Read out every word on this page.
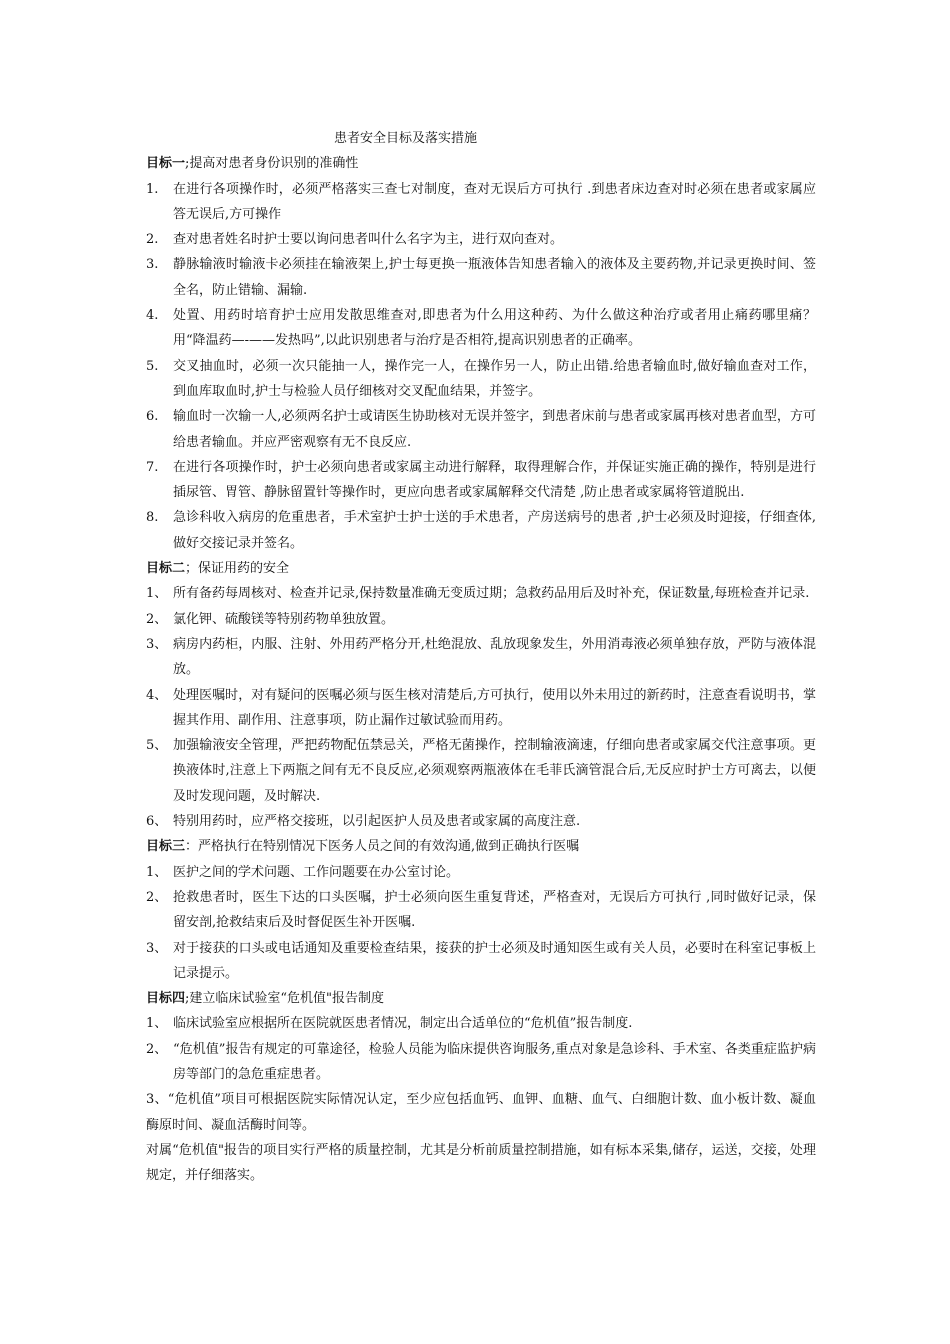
患者安全目标及落实措施

目标一;提高对患者身份识别的准确性

1.	在进行各项操作时，必须严格落实三查七对制度，查对无误后方可执行 .到患者床边查对时必须在患者或家属应答无误后,方可操作
2.	查对患者姓名时护士要以询问患者叫什么名字为主，进行双向查对。
3.	静脉输液时输液卡必须挂在输液架上,护士每更换一瓶液体告知患者输入的液体及主要药物,并记录更换时间、签全名，防止错输、漏输.
4.	处置、用药时培育护士应用发散思维查对,即患者为什么用这种药、为什么做这种治疗或者用止痛药哪里痛？用“降温药—-——发热吗”,以此识别患者与治疗是否相符,提高识别患者的正确率。
5.	交叉抽血时，必须一次只能抽一人，操作完一人，在操作另一人，防止出错.给患者输血时,做好输血查对工作，到血库取血时,护士与检验人员仔细核对交叉配血结果，并签字。
6.	输血时一次输一人,必须两名护士或请医生协助核对无误并签字，到患者床前与患者或家属再核对患者血型，方可给患者输血。并应严密观察有无不良反应.
7.	在进行各项操作时，护士必须向患者或家属主动进行解释，取得理解合作，并保证实施正确的操作，特别是进行插尿管、胃管、静脉留置针等操作时，更应向患者或家属解释交代清楚 ,防止患者或家属将管道脱出.
8.	急诊科收入病房的危重患者，手术室护士护士送的手术患者，产房送病号的患者 ,护士必须及时迎接，仔细查体,做好交接记录并签名。

目标二；保证用药的安全

1、 所有备药每周核对、检查并记录,保持数量准确无变质过期；急救药品用后及时补充，保证数量,每班检查并记录.
2、 氯化钾、硫酸镁等特别药物单独放置。
3、 病房内药柜，内服、注射、外用药严格分开,杜绝混放、乱放现象发生，外用消毒液必须单独存放，严防与液体混放。
4、 处理医嘱时，对有疑问的医嘱必须与医生核对清楚后,方可执行，使用以外未用过的新药时，注意查看说明书，掌握其作用、副作用、注意事项，防止漏作过敏试验而用药。
5、 加强输液安全管理，严把药物配伍禁忌关，严格无菌操作，控制输液滴速，仔细向患者或家属交代注意事项。更换液体时,注意上下两瓶之间有无不良反应,必须观察两瓶液体在毛菲氏滴管混合后,无反应时护士方可离去，以便及时发现问题，及时解决.
6、 特别用药时，应严格交接班，以引起医护人员及患者或家属的高度注意.

目标三：严格执行在特别情况下医务人员之间的有效沟通,做到正确执行医嘱

1、 医护之间的学术问题、工作问题要在办公室讨论。
2、 抢救患者时，医生下达的口头医嘱，护士必须向医生重复背述，严格查对，无误后方可执行 ,同时做好记录，保留安剖,抢救结束后及时督促医生补开医嘱.
3、 对于接获的口头或电话通知及重要检查结果，接获的护士必须及时通知医生或有关人员，必要时在科室记事板上记录提示。

目标四;建立临床试验室“危机值"报告制度

1、 临床试验室应根据所在医院就医患者情况，制定出合适单位的“危机值”报告制度.
2、 “危机值”报告有规定的可靠途径，检验人员能为临床提供咨询服务,重点对象是急诊科、手术室、各类重症监护病房等部门的急危重症患者。

3、“危机值”项目可根据医院实际情况认定，至少应包括血钙、血钾、血糖、血气、白细胞计数、血小板计数、凝血酶原时间、凝血活酶时间等。

对属“危机值"报告的项目实行严格的质量控制，尤其是分析前质量控制措施，如有标本采集,储存，运送，交接，处理规定，并仔细落实。
